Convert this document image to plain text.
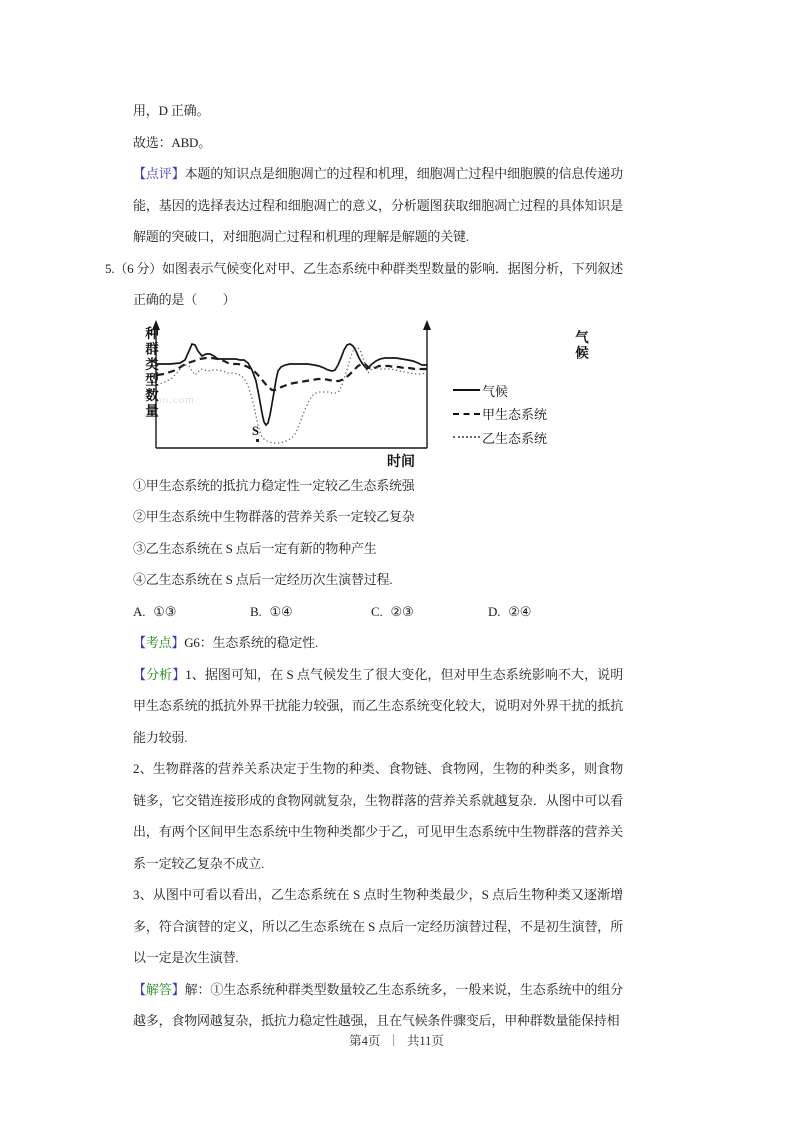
用，D 正确。

故选：ABD。

【点评】本题的知识点是细胞凋亡的过程和机理，细胞凋亡过程中细胞膜的信息传递功能，基因的选择表达过程和细胞凋亡的意义，分析题图获取细胞凋亡过程的具体知识是解题的突破口，对细胞凋亡过程和机理的理解是解题的关键.

5.（6 分）如图表示气候变化对甲、乙生态系统中种群类型数量的影响．据图分析，下列叙述正确的是（　　）

oo.com
种群类型数量	气候
时间
S
气候
甲生态系统
乙生态系统

①甲生态系统的抵抗力稳定性一定较乙生态系统强

②甲生态系统中生物群落的营养关系一定较乙复杂

③乙生态系统在 S 点后一定有新的物种产生

④乙生态系统在 S 点后一定经历次生演替过程.

A. ①③	B. ①④	C. ②③	D. ②④

【考点】G6：生态系统的稳定性.

【分析】1、据图可知，在 S 点气候发生了很大变化，但对甲生态系统影响不大，说明甲生态系统的抵抗外界干扰能力较强，而乙生态系统变化较大，说明对外界干扰的抵抗能力较弱.

2、生物群落的营养关系决定于生物的种类、食物链、食物网，生物的种类多，则食物链多，它交错连接形成的食物网就复杂，生物群落的营养关系就越复杂．从图中可以看出，有两个区间甲生态系统中生物种类都少于乙，可见甲生态系统中生物群落的营养关系一定较乙复杂不成立.

3、从图中可看以看出，乙生态系统在 S 点时生物种类最少，S 点后生物种类又逐渐增多，符合演替的定义，所以乙生态系统在 S 点后一定经历演替过程，不是初生演替，所以一定是次生演替.

【解答】解：①生态系统种群类型数量较乙生态系统多，一般来说，生态系统中的组分越多，食物网越复杂，抵抗力稳定性越强，且在气候条件骤变后，甲种群数量能保持相

第4页 ｜ 共11页
